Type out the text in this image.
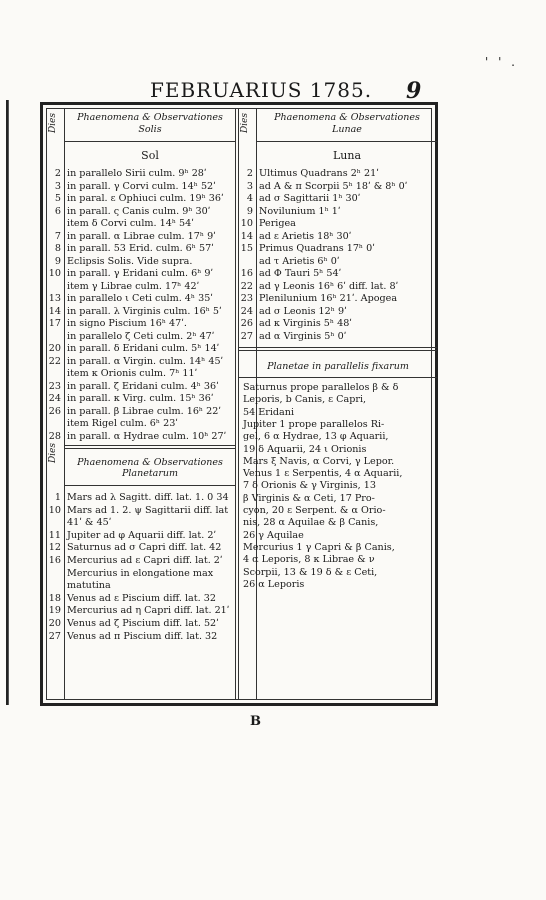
' ' .
FEBRUARIUS 1785.	9
Dies
Dies
Phaenomena & Observationes
Solis
Sol
2 in parallelo Sirii culm. 9ʰ 28ʹ
3 in parall. γ Corvi culm. 14ʰ 52ʹ
5 in paral. ε Ophiuci culm. 19ʰ 36ʹ
6 in parall. ς Canis culm. 9ʰ 30ʹ
item δ Corvi culm. 14ʰ 54ʹ
7 in parall. α Librae culm. 17ʰ 9ʹ
8 in parall. 53 Erid. culm. 6ʰ 57ʹ
9 Eclipsis Solis. Vide supra.
10 in parall. γ Eridani culm. 6ʰ 9ʹ
item γ Librae culm. 17ʰ 42ʹ
13 in parallelo ι Ceti culm. 4ʰ 35ʹ
14 in parall. λ Virginis culm. 16ʰ 5ʹ
17 in signo Piscium 16ʰ 47ʹ.
in parallelo ζ Ceti culm. 2ʰ 47ʹ
20 in parall. δ Eridani culm. 5ʰ 14ʹ
22 in parall. α Virgin. culm. 14ʰ 45ʹ
item κ Orionis culm. 7ʰ 11ʹ
23 in parall. ζ Eridani culm. 4ʰ 36ʹ
24 in parall. κ Virg. culm. 15ʰ 36ʹ
26 in parall. β Librae culm. 16ʰ 22ʹ
item Rigel culm. 6ʰ 23ʹ
28 in parall. α Hydrae culm. 10ʰ 27ʹ
Phaenomena & Observationes
Planetarum
1 Mars ad λ Sagitt. diff. lat. 1. 0 34
10 Mars ad 1. 2. ψ Sagittarii diff. lat
41ʹ & 45ʹ
11 Jupiter ad φ Aquarii diff. lat. 2ʹ
12 Saturnus ad σ Capri diff. lat. 42
16 Mercurius ad ε Capri diff. lat. 2ʹ
Mercurius in elongatione max
matutina
18 Venus ad ε Piscium diff. lat. 32
19 Mercurius ad η Capri diff. lat. 21ʹ
20 Venus ad ζ Piscium diff. lat. 52ʹ
27 Venus ad π Piscium diff. lat. 32
Dies	Phaenomena & Observationes
Lunae
Luna
2 Ultimus Quadrans 2ʰ 21ʹ
3 ad A & π Scorpii 5ʰ 18ʹ & 8ʰ 0ʹ
4 ad σ Sagittarii 1ʰ 30ʹ
9 Novilunium 1ʰ 1ʹ
10 Perigea
14 ad ε Arietis 18ʰ 30ʹ
15 Primus Quadrans 17ʰ 0ʹ
ad τ Arietis 6ʰ 0ʹ
16 ad Φ Tauri 5ʰ 54ʹ
22 ad γ Leonis 16ʰ 6ʹ diff. lat. 8ʹ
23 Plenilunium 16ʰ 21ʹ. Apogea
24 ad σ Leonis 12ʰ 9ʹ
26 ad κ Virginis 5ʰ 48ʹ
27 ad α Virginis 5ʰ 0ʹ
Planetae in parallelis fixarum
Saturnus prope parallelos β & δ
Leporis, b Canis, ε Capri,
54 Eridani
Jupiter 1 prope parallelos Ri-
gel, 6 α Hydrae, 13 φ Aquarii,
19 δ Aquarii, 24 ι Orionis
Mars ξ Navis, α Corvi, γ Lepor.
Venus 1 ε Serpentis, 4 α Aquarii,
7 δ Orionis & γ Virginis, 13
β Virginis & α Ceti, 17 Pro-
cyon, 20 ε Serpent. & α Orio-
nis, 28 α Aquilae & β Canis,
26 γ Aquilae
Mercurius 1 γ Capri & β Canis,
4 α Leporis, 8 κ Librae & ν
Scorpii, 13 & 19 δ & ε Ceti,
26 α Leporis
B
